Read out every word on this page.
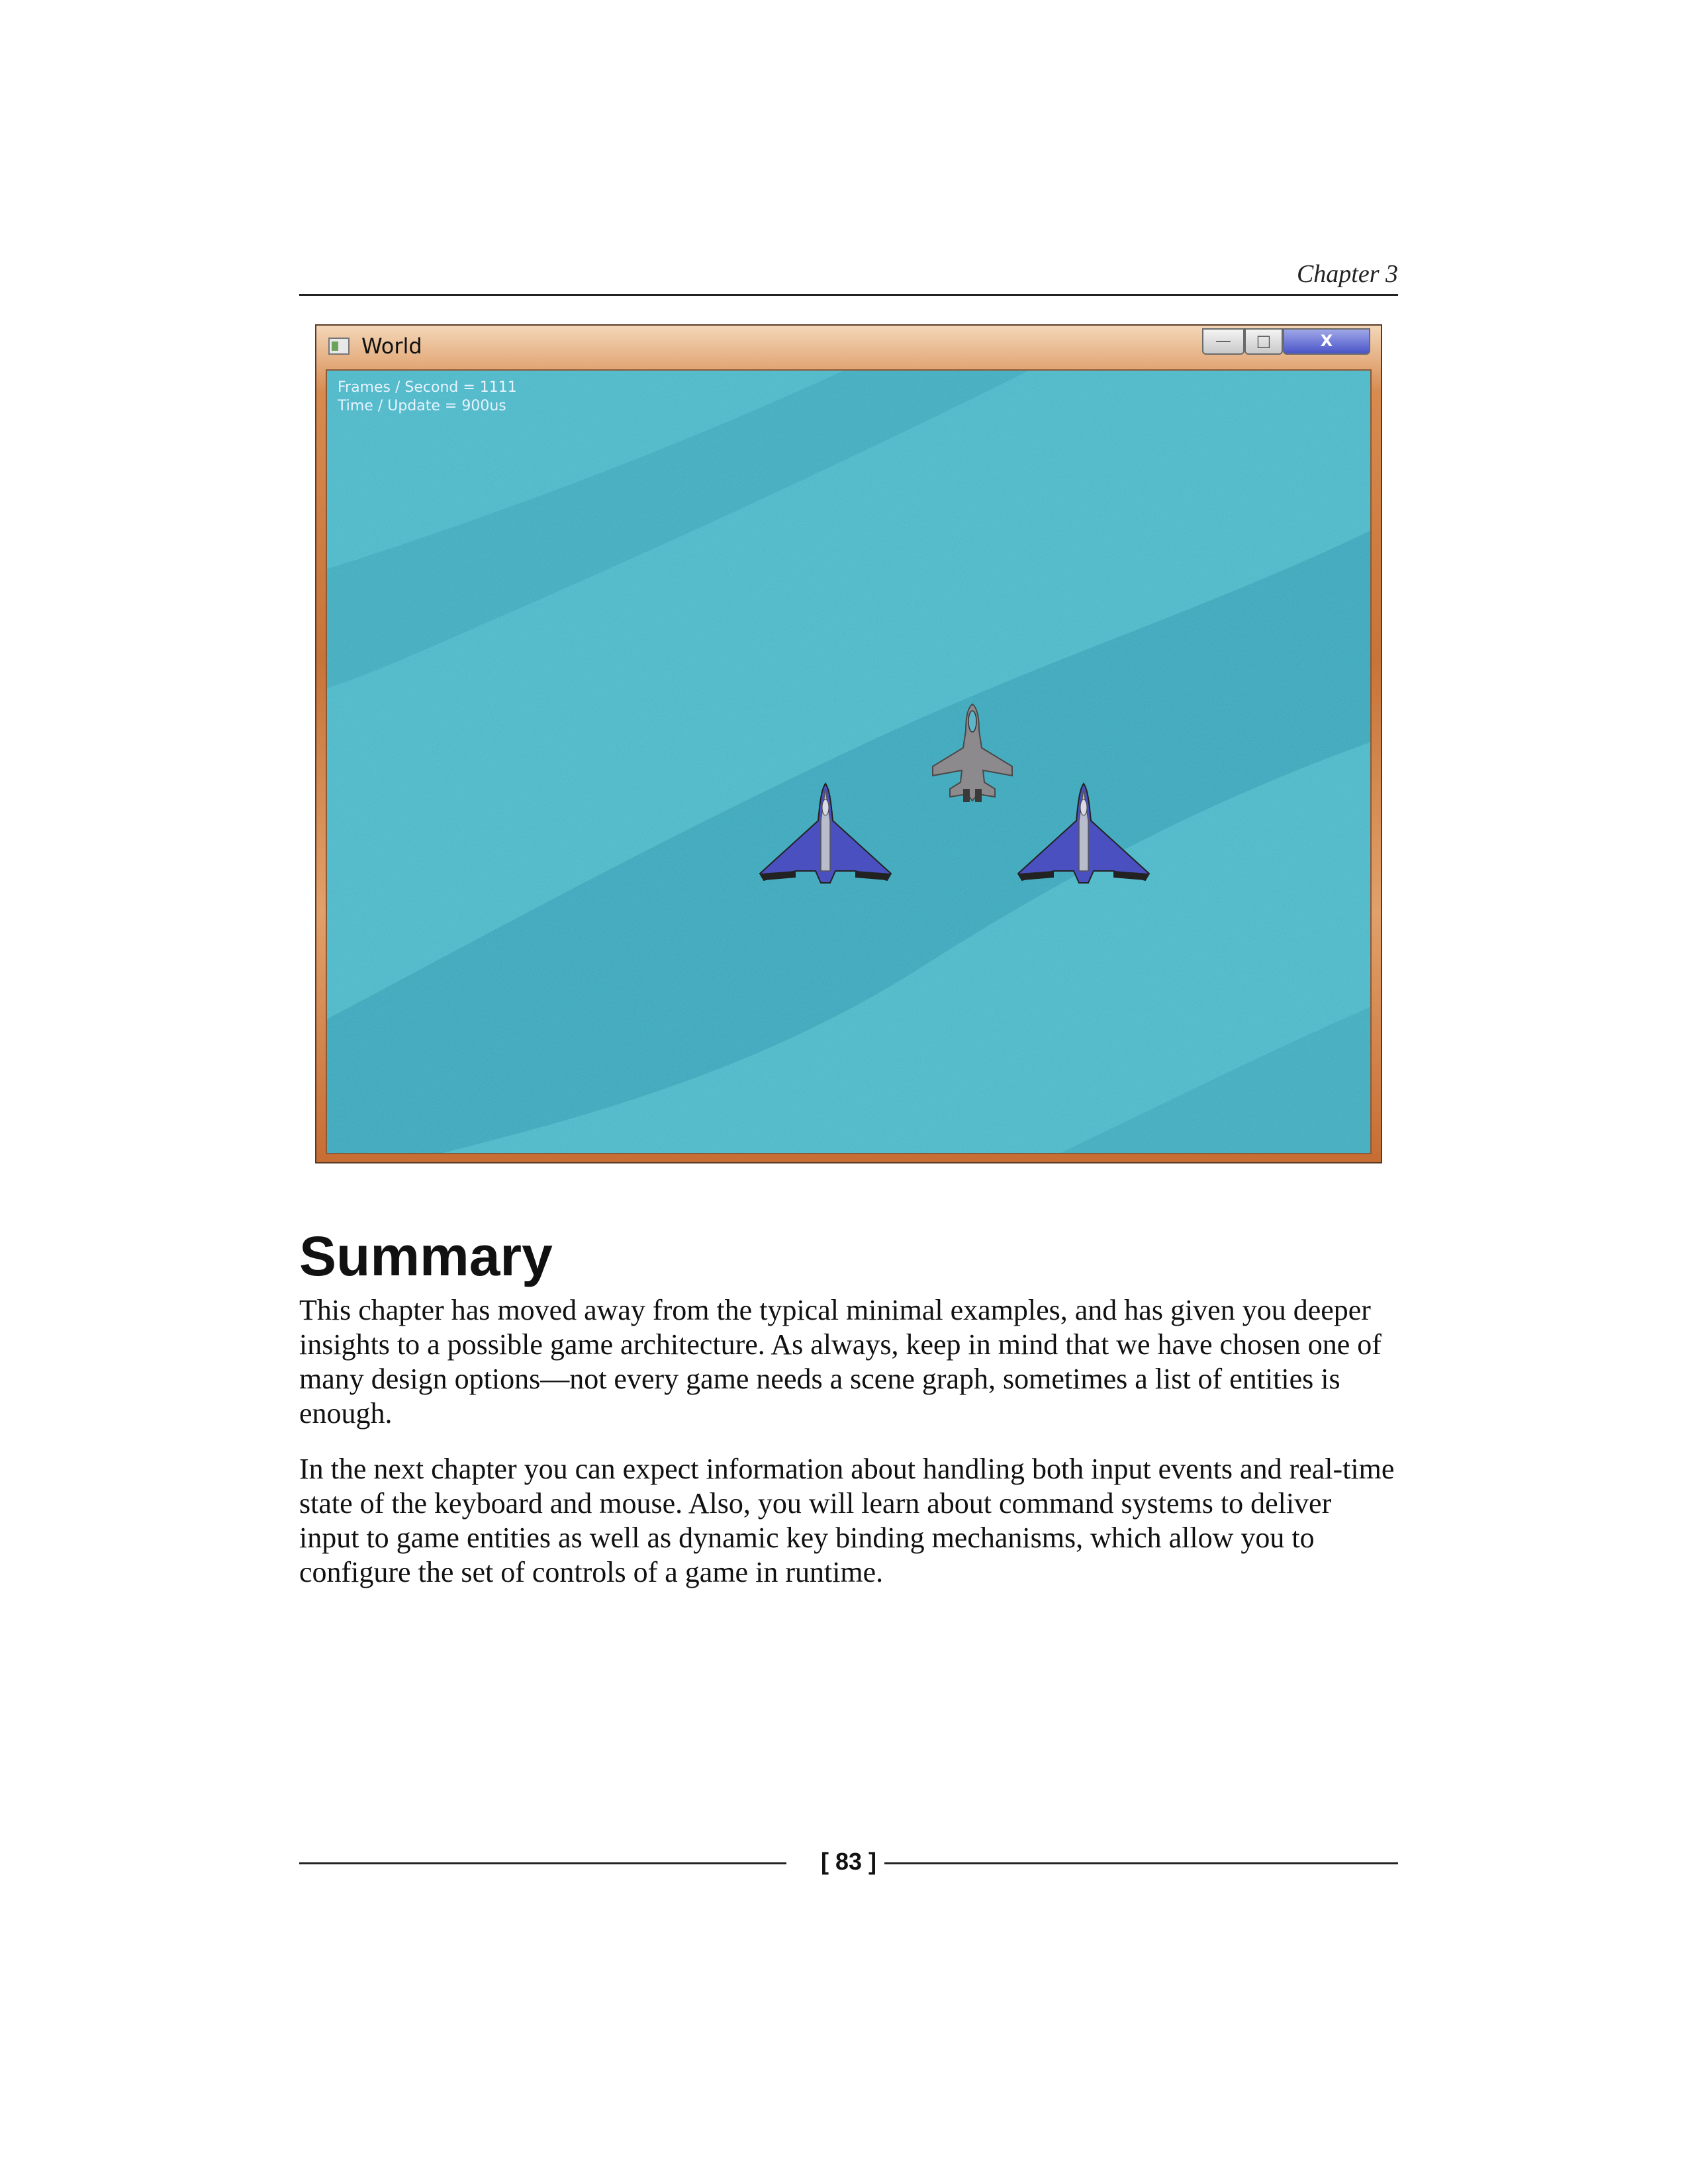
Chapter 3
World	—	□	X
Frames / Second = 1111
Time / Update = 900us
Summary

This chapter has moved away from the typical minimal examples, and has given you deeper insights to a possible game architecture. As always, keep in mind that we have chosen one of many design options—not every game needs a scene graph, sometimes a list of entities is enough.

In the next chapter you can expect information about handling both input events and real-time state of the keyboard and mouse. Also, you will learn about command systems to deliver input to game entities as well as dynamic key binding mechanisms, which allow you to configure the set of controls of a game in runtime.

[ 83 ]
